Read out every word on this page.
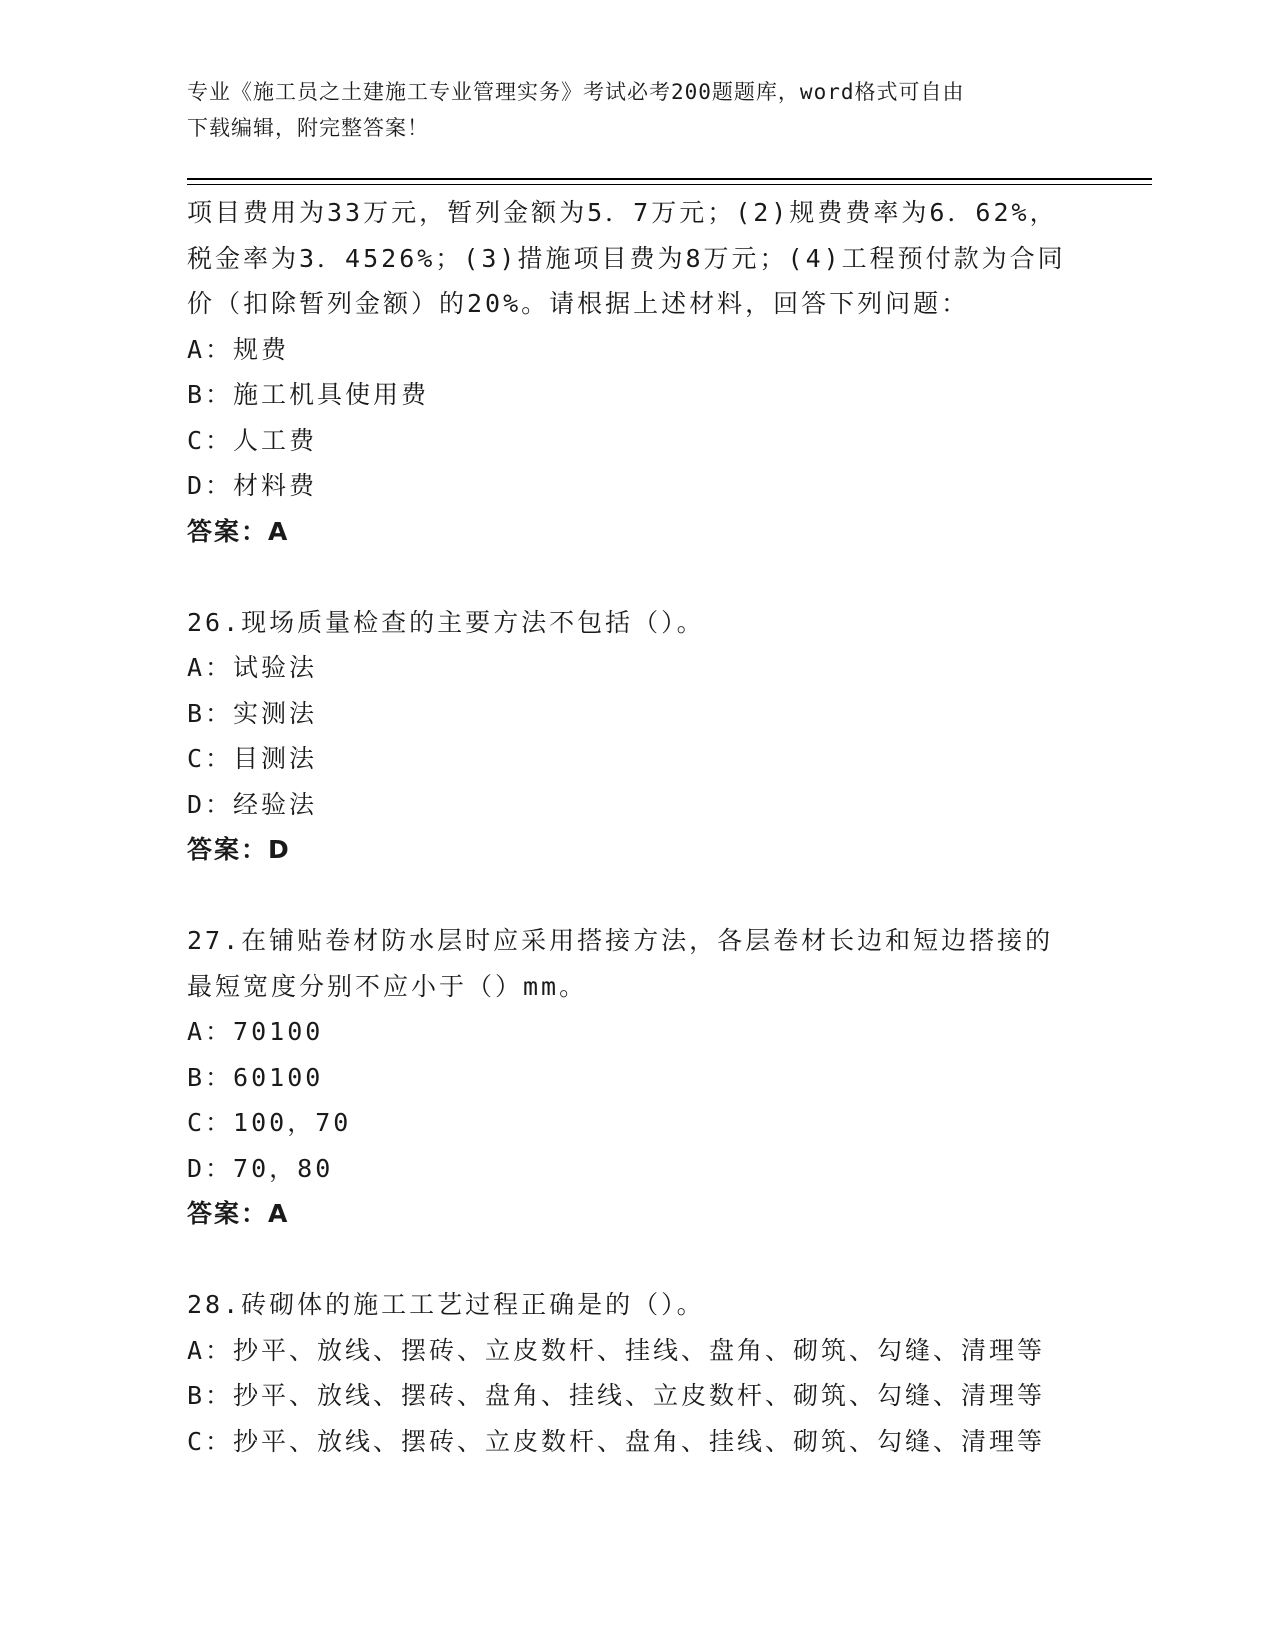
专业《施工员之土建施工专业管理实务》考试必考200题题库，word格式可自由
下载编辑，附完整答案！
项目费用为33万元，暂列金额为5．7万元；(2)规费费率为6．62%，
税金率为3．4526%；(3)措施项目费为8万元；(4)工程预付款为合同
价（扣除暂列金额）的20%。请根据上述材料，回答下列问题：
A：规费
B：施工机具使用费
C：人工费
D：材料费
答案：A
26.现场质量检查的主要方法不包括（）。
A：试验法
B：实测法
C：目测法
D：经验法
答案：D
27.在铺贴卷材防水层时应采用搭接方法，各层卷材长边和短边搭接的
最短宽度分别不应小于（）mm。
A：70100
B：60100
C：100，70
D：70，80
答案：A
28.砖砌体的施工工艺过程正确是的（）。
A：抄平、放线、摆砖、立皮数杆、挂线、盘角、砌筑、勾缝、清理等
B：抄平、放线、摆砖、盘角、挂线、立皮数杆、砌筑、勾缝、清理等
C：抄平、放线、摆砖、立皮数杆、盘角、挂线、砌筑、勾缝、清理等
